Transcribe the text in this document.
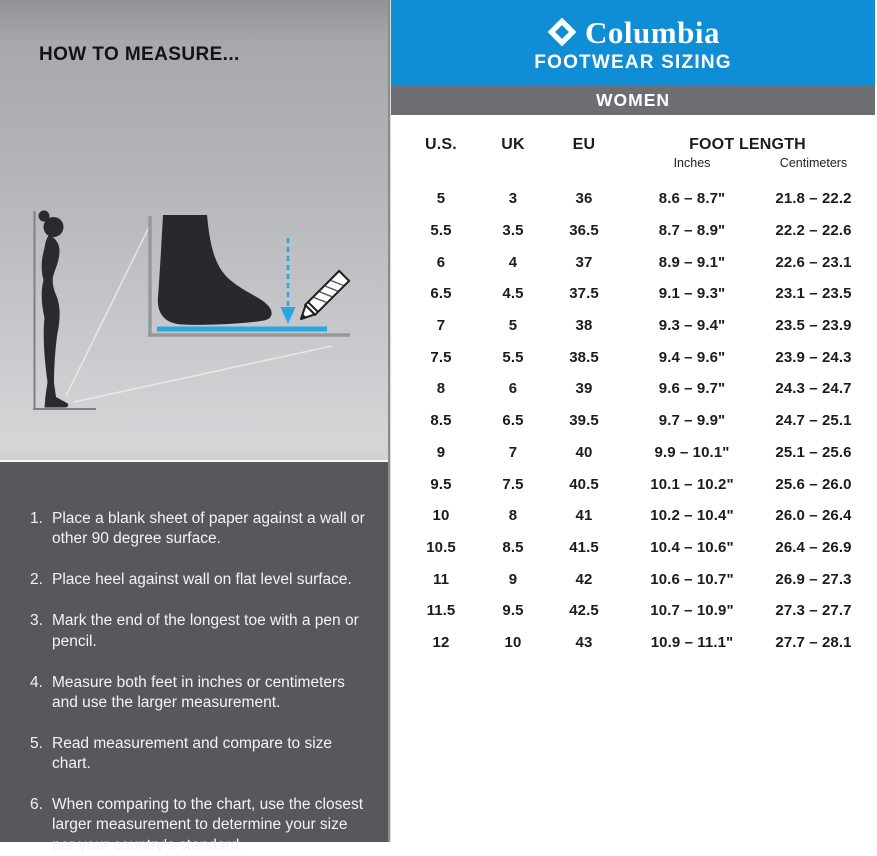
HOW TO MEASURE...
1. Place a blank sheet of paper against a wall or other 90 degree surface.
2. Place heel against wall on flat level surface.
3. Mark the end of the longest toe with a pen or pencil.
4. Measure both feet in inches or centimeters and use the larger measurement.
5. Read measurement and compare to size chart.
6. When comparing to the chart, use the closest larger measurement to determine your size per your country's standard.
Columbia
FOOTWEAR SIZING
WOMEN
U.S.	UK	EU	FOOT LENGTH
Inches	Centimeters
5	3	36	8.6 – 8.7"	21.8 – 22.2
5.5	3.5	36.5	8.7 – 8.9"	22.2 – 22.6
6	4	37	8.9 – 9.1"	22.6 – 23.1
6.5	4.5	37.5	9.1 – 9.3"	23.1 – 23.5
7	5	38	9.3 – 9.4"	23.5 – 23.9
7.5	5.5	38.5	9.4 – 9.6"	23.9 – 24.3
8	6	39	9.6 – 9.7"	24.3 – 24.7
8.5	6.5	39.5	9.7 – 9.9"	24.7 – 25.1
9	7	40	9.9 – 10.1"	25.1 – 25.6
9.5	7.5	40.5	10.1 – 10.2"	25.6 – 26.0
10	8	41	10.2 – 10.4"	26.0 – 26.4
10.5	8.5	41.5	10.4 – 10.6"	26.4 – 26.9
11	9	42	10.6 – 10.7"	26.9 – 27.3
11.5	9.5	42.5	10.7 – 10.9"	27.3 – 27.7
12	10	43	10.9 – 11.1"	27.7 – 28.1
